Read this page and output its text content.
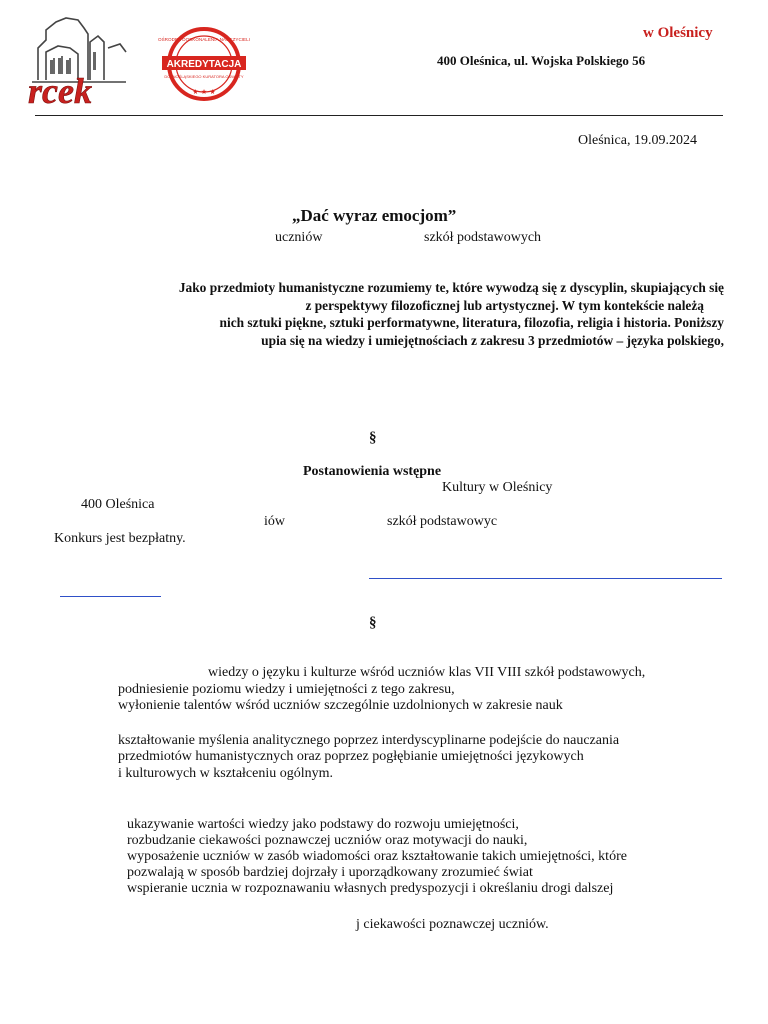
rcek
OŚRODEK DOSKONALENIA NAUCZYCIELI
AKREDYTACJA
DOLNOŚLĄSKIEGO KURATORA OŚWIATY
★ ★ ★
w Oleśnicy
400 Oleśnica, ul. Wojska Polskiego 56
Oleśnica, 19.09.2024
„Dać wyraz emocjom”
uczniów	szkół podstawowych
Jako przedmioty humanistyczne rozumiemy te, które wywodzą się z dyscyplin, skupiających się
z perspektywy filozoficznej lub artystycznej. W tym kontekście należą
nich sztuki piękne, sztuki performatywne, literatura, filozofia, religia i historia. Poniższy
upia się na wiedzy i umiejętnościach z zakresu 3 przedmiotów – języka polskiego,
§
Postanowienia wstępne
Kultury w Oleśnicy
400 Oleśnica
iów	szkół podstawowyc
Konkurs jest bezpłatny.
§
wiedzy o języku i kulturze wśród uczniów klas VII VIII szkół podstawowych,
podniesienie poziomu wiedzy i umiejętności z tego zakresu,
wyłonienie talentów wśród uczniów szczególnie uzdolnionych w zakresie nauk
kształtowanie myślenia analitycznego poprzez interdyscyplinarne podejście do nauczania
przedmiotów humanistycznych oraz poprzez pogłębianie umiejętności językowych
i kulturowych w kształceniu ogólnym.
ukazywanie wartości wiedzy jako podstawy do rozwoju umiejętności,
rozbudzanie ciekawości poznawczej uczniów oraz motywacji do nauki,
wyposażenie uczniów w zasób wiadomości oraz kształtowanie takich umiejętności, które
pozwalają w sposób bardziej dojrzały i uporządkowany zrozumieć świat
wspieranie ucznia w rozpoznawaniu własnych predyspozycji i określaniu drogi dalszej
j ciekawości poznawczej uczniów.
